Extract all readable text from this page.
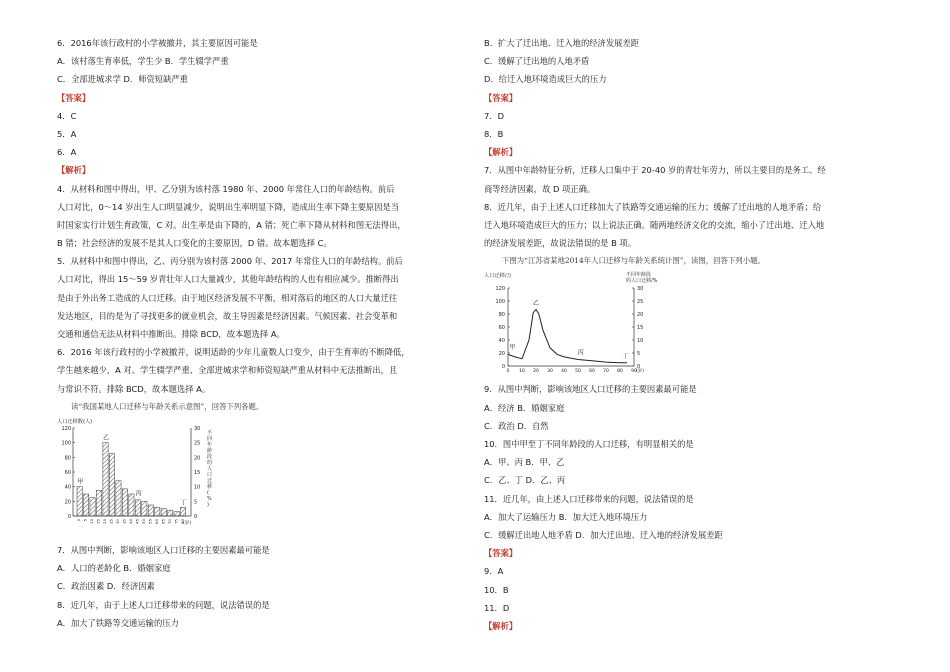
6．2016年该行政村的小学被撤并，其主要原因可能是
A．该村落生育率低，学生少 B．学生辍学严重
C．全部进城求学 D．师资短缺严重
【答案】
4．C
5．A
6．A
【解析】
4．从材料和图中得出，甲、乙分别为该村落 1980 年、2000 年常住人口的年龄结构。前后
人口对比，0～14 岁出生人口明显减少，说明出生率明显下降，造成出生率下降主要原因是当
时国家实行计划生育政策，C 对。出生率是由下降的，A 错；死亡率下降从材料和图无法得出，
B 错；社会经济的发展不是其人口变化的主要原因，D 错。故本题选择 C。
5．从材料中和图中得出，乙、丙分别为该村落 2000 年、2017 年常住人口的年龄结构。前后
人口对比，得出 15～59 岁青壮年人口大量减少，其他年龄结构的人也有相应减少。推断得出
是由于外出务工造成的人口迁移。由于地区经济发展不平衡，相对落后的地区的人口大量迁往
发达地区，目的是为了寻找更多的就业机会，故主导因素是经济因素。气候因素、社会变革和
交通和通信无法从材料中推断出。排除 BCD，故本题选择 A。
6．2016 年该行政村的小学被撤并，说明适龄的少年儿童数人口变少，由于生育率的不断降低，
学生越来越少，A 对。学生辍学严重、全部进城求学和师资短缺严重从材料中无法推断出，且
与常识不符。排除 BCD，故本题选择 A。
读“我国某地人口迁移与年龄关系示意图”，回答下列各题。
人口迁移数(人)
120
100
80
60
40
20
0
30
25
20
15
10
5
0
不
同
年
龄
段
的
人
口
迁
移
(
%
)
0 5 10 15 20 25 30 35 40 45 50 55 60 65 70 75 80
(岁)
甲
乙
丙
丁
7．从图中判断，影响该地区人口迁移的主要因素最可能是
A．人口的老龄化 B．婚姻家庭
C．政治因素 D．经济因素
8．近几年，由于上述人口迁移带来的问题，说法错误的是
A．加大了铁路等交通运输的压力
B．扩大了迁出地、迁入地的经济发展差距
C．缓解了迁出地的人地矛盾
D．给迁入地环境造成巨大的压力
【答案】
7．D
8．B
【解析】
7．从图中年龄特征分析，迁移人口集中于 20-40 岁的青壮年劳力，所以主要目的是务工、经
商等经济因素，故 D 项正确。
8．近几年，由于上述人口迁移加大了铁路等交通运输的压力；缓解了迁出地的人地矛盾；给
迁入地环境造成巨大的压力；以上说法正确。随两地经济文化的交流，缩小了迁出地、迁入地
的经济发展差距，故说法错误的是 B 项。
下图为“江苏省某地2014年人口迁移与年龄关系统计图”，读图，回答下列小题。
人口迁移/万	不同年龄段
的人口迁移/%
120
100
80
60
40
20
0
30
25
20
15
10
5
0
0 10 20 30 40 50 60 70 80 90 (岁)
甲
乙
丙
丁
9．从图中判断，影响该地区人口迁移的主要因素最可能是
A．经济 B．婚姻家庭
C．政治 D．自然
10．图中甲至丁不同年龄段的人口迁移，有明显相关的是
A．甲、丙 B．甲、乙
C．乙、丁 D．乙、丙
11．近几年，由上述人口迁移带来的问题，说法错误的是
A．加大了运输压力 B．加大迁入地环境压力
C．缓解迁出地人地矛盾 D．加大迁出地、迁入地的经济发展差距
【答案】
9．A
10．B
11．D
【解析】
